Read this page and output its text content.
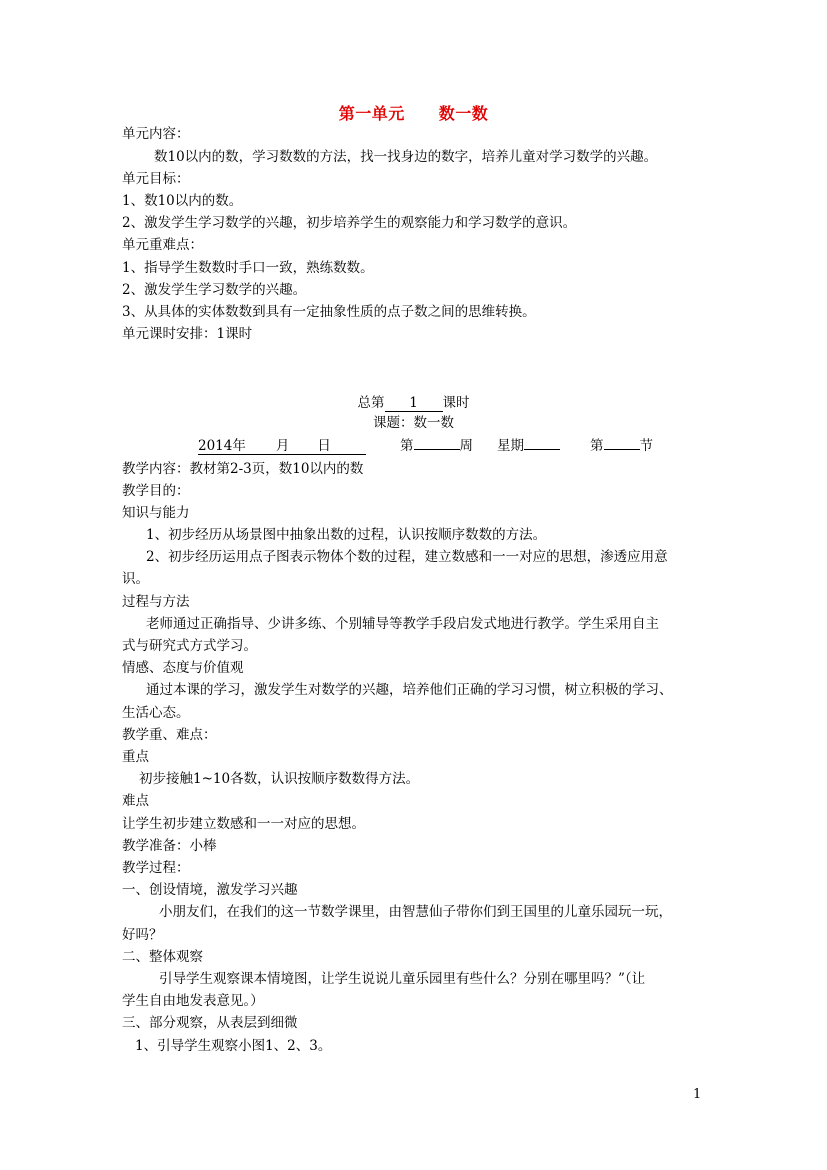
第一单元 数一数
单元内容：
数10以内的数，学习数数的方法，找一找身边的数字，培养儿童对学习数学的兴趣。
单元目标：
1、数10以内的数。
2、激发学生学习数学的兴趣，初步培养学生的观察能力和学习数学的意识。
单元重难点：
1、指导学生数数时手口一致，熟练数数。
2、激发学生学习数学的兴趣。
3、从具体的实体数数到具有一定抽象性质的点子数之间的思维转换。
单元课时安排：1课时
总第 1 课时
课题：数一数
2014年 月 日	第	周 星期	第	节
教学内容：教材第2-3页，数10以内的数
教学目的：
知识与能力
1、初步经历从场景图中抽象出数的过程，认识按顺序数数的方法。
2、初步经历运用点子图表示物体个数的过程，建立数感和一一对应的思想，渗透应用意
识。
过程与方法
老师通过正确指导、少讲多练、个别辅导等教学手段启发式地进行教学。学生采用自主
式与研究式方式学习。
情感、态度与价值观
通过本课的学习，激发学生对数学的兴趣，培养他们正确的学习习惯，树立积极的学习、
生活心态。
教学重、难点：
重点
初步接触1~10各数，认识按顺序数数得方法。
难点
让学生初步建立数感和一一对应的思想。
教学准备：小棒
教学过程：
一、创设情境，激发学习兴趣
小朋友们，在我们的这一节数学课里，由智慧仙子带你们到王国里的儿童乐园玩一玩，
好吗？
二、整体观察
引导学生观察课本情境图，让学生说说儿童乐园里有些什么？分别在哪里吗？”（让
学生自由地发表意见。）
三、部分观察，从表层到细微
1、引导学生观察小图1、2、3。
1
